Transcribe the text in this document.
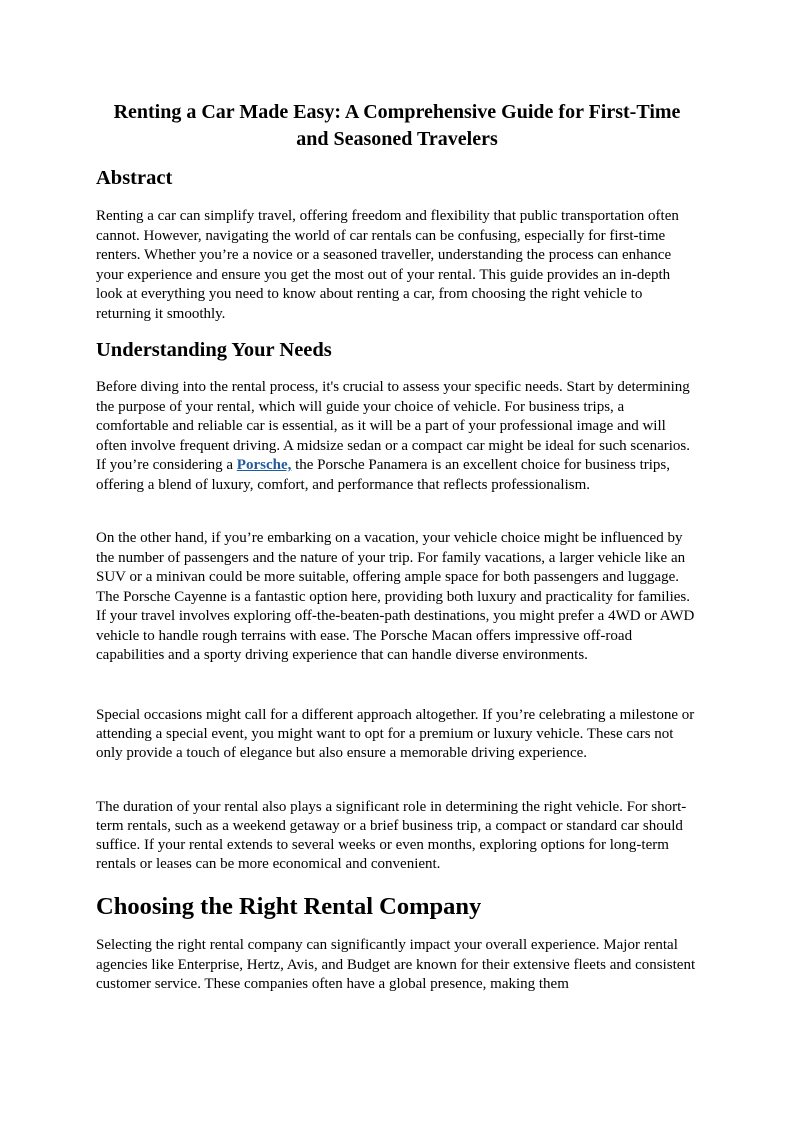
Renting a Car Made Easy: A Comprehensive Guide for First-Time and Seasoned Travelers
Abstract

Renting a car can simplify travel, offering freedom and flexibility that public transportation often cannot. However, navigating the world of car rentals can be confusing, especially for first-time renters. Whether you’re a novice or a seasoned traveller, understanding the process can enhance your experience and ensure you get the most out of your rental. This guide provides an in-depth look at everything you need to know about renting a car, from choosing the right vehicle to returning it smoothly.

Understanding Your Needs

Before diving into the rental process, it's crucial to assess your specific needs. Start by determining the purpose of your rental, which will guide your choice of vehicle. For business trips, a comfortable and reliable car is essential, as it will be a part of your professional image and will often involve frequent driving. A midsize sedan or a compact car might be ideal for such scenarios. If you’re considering a Porsche, the Porsche Panamera is an excellent choice for business trips, offering a blend of luxury, comfort, and performance that reflects professionalism.

On the other hand, if you’re embarking on a vacation, your vehicle choice might be influenced by the number of passengers and the nature of your trip. For family vacations, a larger vehicle like an SUV or a minivan could be more suitable, offering ample space for both passengers and luggage. The Porsche Cayenne is a fantastic option here, providing both luxury and practicality for families. If your travel involves exploring off-the-beaten-path destinations, you might prefer a 4WD or AWD vehicle to handle rough terrains with ease. The Porsche Macan offers impressive off-road capabilities and a sporty driving experience that can handle diverse environments.

Special occasions might call for a different approach altogether. If you’re celebrating a milestone or attending a special event, you might want to opt for a premium or luxury vehicle. These cars not only provide a touch of elegance but also ensure a memorable driving experience.

The duration of your rental also plays a significant role in determining the right vehicle. For short-term rentals, such as a weekend getaway or a brief business trip, a compact or standard car should suffice. If your rental extends to several weeks or even months, exploring options for long-term rentals or leases can be more economical and convenient.

Choosing the Right Rental Company

Selecting the right rental company can significantly impact your overall experience. Major rental agencies like Enterprise, Hertz, Avis, and Budget are known for their extensive fleets and consistent customer service. These companies often have a global presence, making them
